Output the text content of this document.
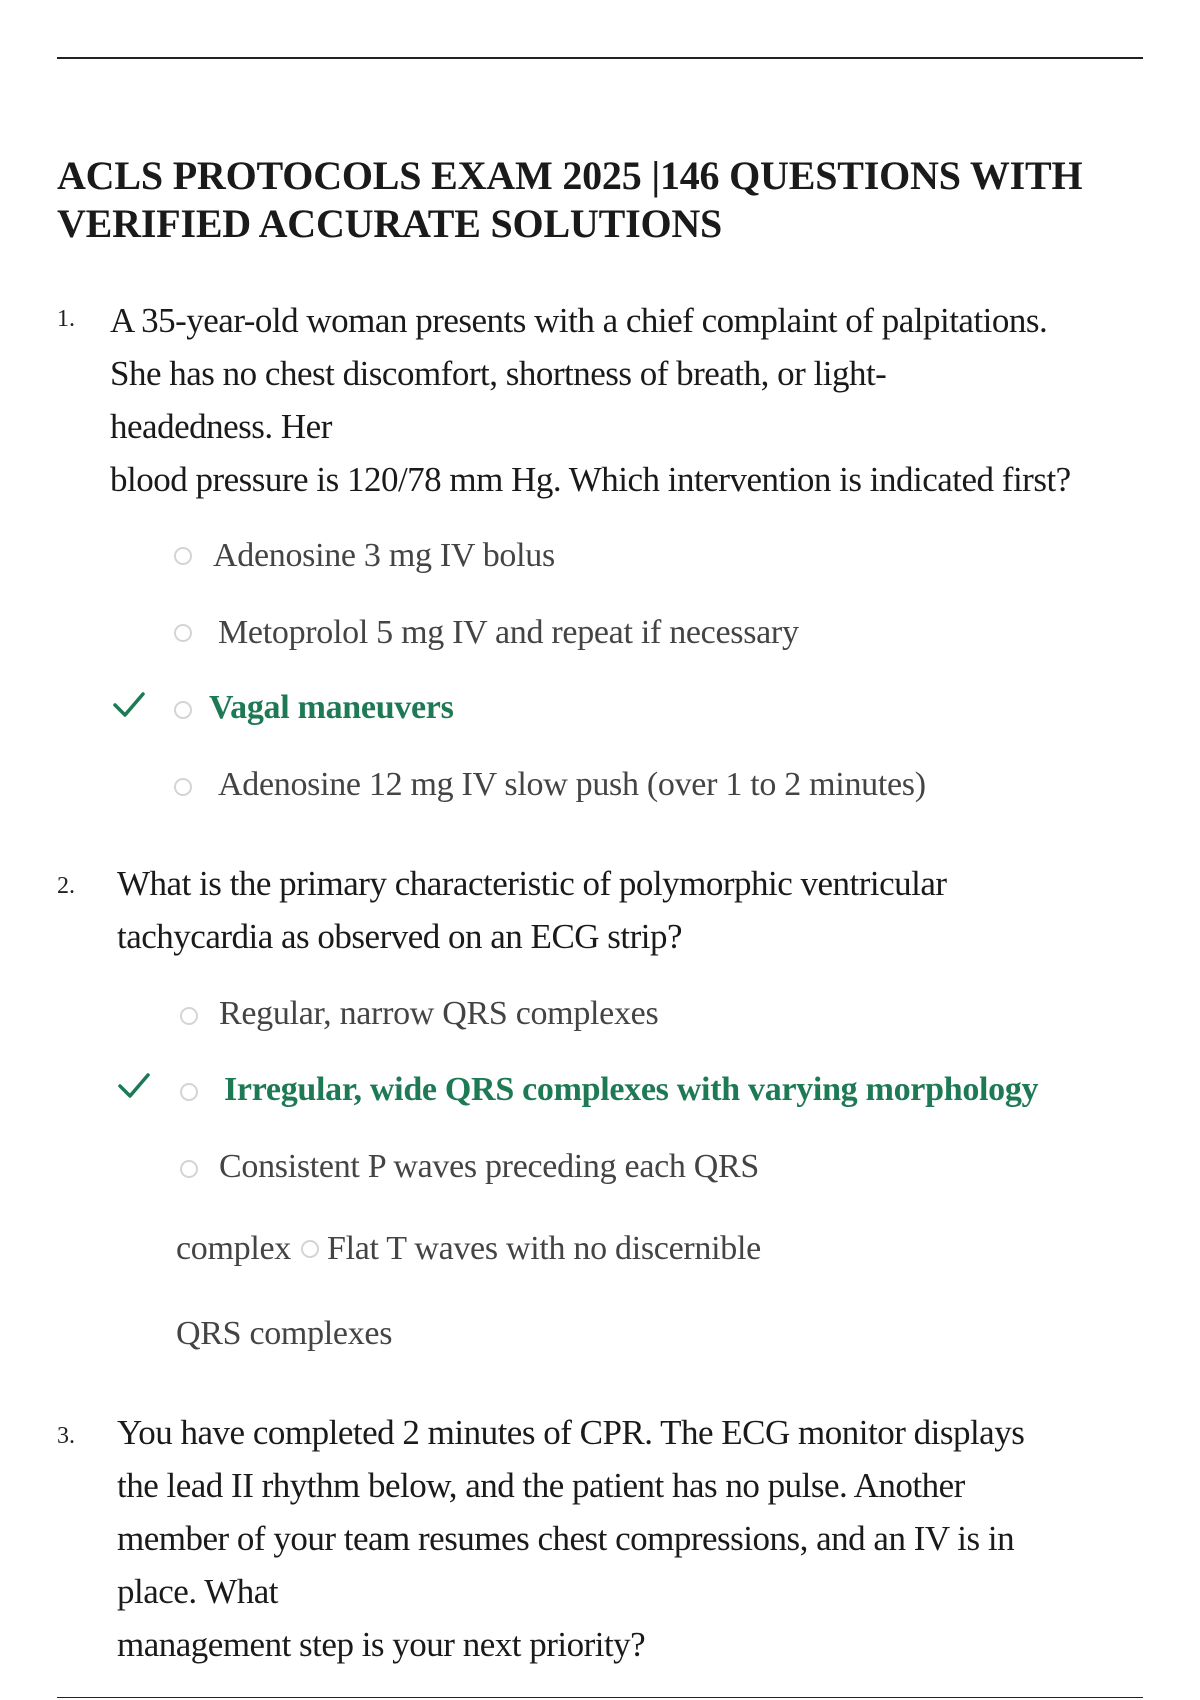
ACLS PROTOCOLS EXAM 2025 |146 QUESTIONS WITH VERIFIED ACCURATE SOLUTIONS
1. A 35-year-old woman presents with a chief complaint of palpitations.
She has no chest discomfort, shortness of breath, or light-
headedness. Her
blood pressure is 120/78 mm Hg. Which intervention is indicated first?
Adenosine 3 mg IV bolus
Metoprolol 5 mg IV and repeat if necessary
Vagal maneuvers
Adenosine 12 mg IV slow push (over 1 to 2 minutes)
2. What is the primary characteristic of polymorphic ventricular
tachycardia as observed on an ECG strip?
Regular, narrow QRS complexes
Irregular, wide QRS complexes with varying morphology
Consistent P waves preceding each QRS
complex Flat T waves with no discernible
QRS complexes
3. You have completed 2 minutes of CPR. The ECG monitor displays
the lead II rhythm below, and the patient has no pulse. Another
member of your team resumes chest compressions, and an IV is in
place. What
management step is your next priority?
